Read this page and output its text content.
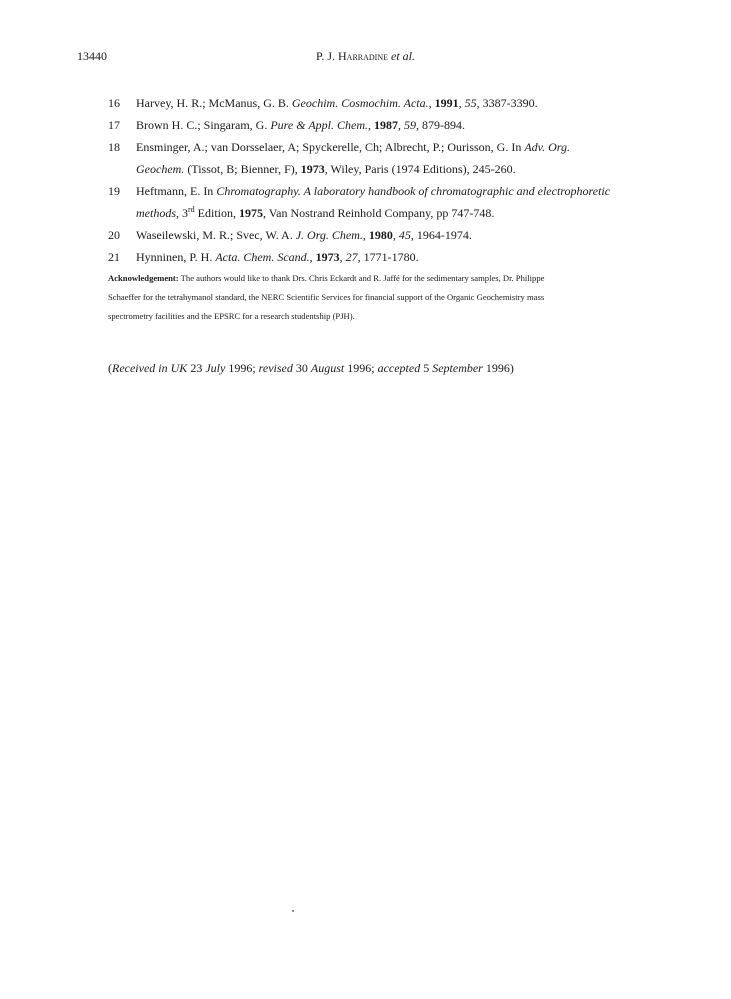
13440	P. J. Harradine et al.
16 Harvey, H. R.; McManus, G. B. Geochim. Cosmochim. Acta., 1991, 55, 3387-3390.
17 Brown H. C.; Singaram, G. Pure & Appl. Chem., 1987, 59, 879-894.
18 Ensminger, A.; van Dorsselaer, A; Spyckerelle, Ch; Albrecht, P.; Ourisson, G. In Adv. Org.
Geochem. (Tissot, B; Bienner, F), 1973, Wiley, Paris (1974 Editions), 245-260.
19 Heftmann, E. In Chromatography. A laboratory handbook of chromatographic and electrophoretic
methods, 3rd Edition, 1975, Van Nostrand Reinhold Company, pp 747-748.
20 Waseilewski, M. R.; Svec, W. A. J. Org. Chem., 1980, 45, 1964-1974.
21 Hynninen, P. H. Acta. Chem. Scand., 1973, 27, 1771-1780.
Acknowledgement: The authors would like to thank Drs. Chris Eckardt and R. Jaffé for the sedimentary samples, Dr. Philippe
Schaeffer for the tetrahymanol standard, the NERC Scientific Services for financial support of the Organic Geochemistry mass
spectrometry facilities and the EPSRC for a research studentship (PJH).
(Received in UK 23 July 1996; revised 30 August 1996; accepted 5 September 1996)
